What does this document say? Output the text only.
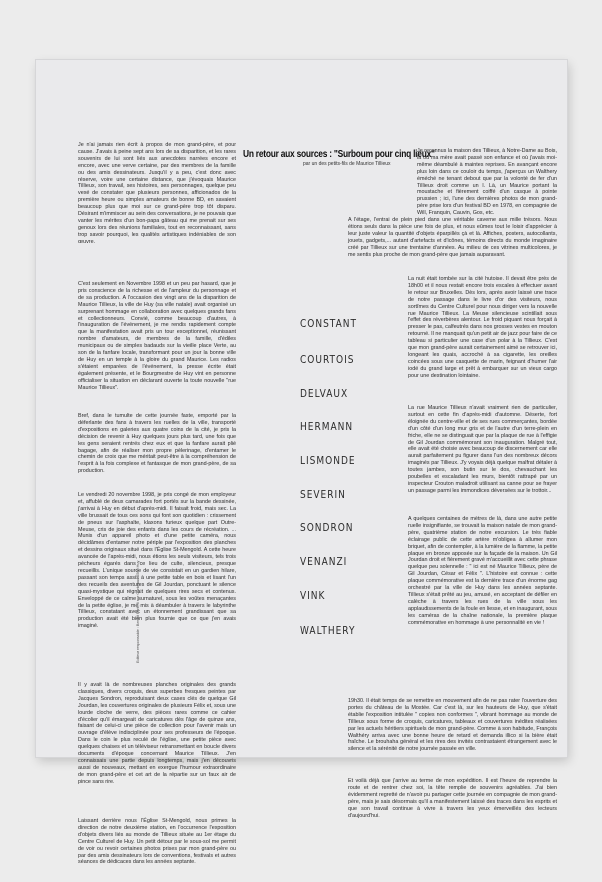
Je n'ai jamais rien écrit à propos de mon grand-père, et pour cause. J'avais à peine sept ans lors de sa disparition, et les rares souvenirs de lui sont liés aux anecdotes narrées encore et encore, avec une verve certaine, par des membres de la famille ou des amis dessinateurs. Jusqu'il y a peu, c'est donc avec réserve, voire une certaine distance, que j'évoquais Maurice Tillieux, son travail, ses histoires, ses personnages, quelque peu vexé de constater que plusieurs personnes, afficionados de la première heure ou simples amateurs de bonne BD, en savaient beaucoup plus que moi sur ce grand-père trop tôt disparu. Désirant m'immiscer au sein des conversations, je ne pouvais que vanter les mérites d'un bon-papa gâteau qui me prenait sur ses genoux lors des réunions familiales, tout en reconnaissant, sans trop savoir pourquoi, les qualités artistiques indéniables de son œuvre.

C'est seulement en Novembre 1998 et un peu par hasard, que je pris conscience de la richesse et de l'ampleur du personnage et de sa production. A l'occasion des vingt ans de la disparition de Maurice Tillieux, la ville de Huy (sa ville natale) avait organisé un surprenant hommage en collaboration avec quelques grands fans et collectionneurs. Convié, comme beaucoup d'autres, à l'inauguration de l'événement, je me rendis rapidement compte que la manifestation avait pris un tour exceptionnel, réunissant nombre d'amateurs, de membres de la famille, d'édiles municipaux ou de simples badauds sur la vieille place Verte, au son de la fanfare locale, transformant pour un jour la bonne ville de Huy en un temple à la gloire du grand Maurice. Les radios s'étaient emparées de l'événement, la presse écrite était également présente, et le Bourgmestre de Huy vint en personne officialiser la situation en déclarant ouverte la toute nouvelle "rue Maurice Tillieux".

Bref, dans le tumulte de cette journée faste, emporté par la déferlante des fans à travers les ruelles de la ville, transporté d'expositions en galeries aux quatre coins de la cité, je pris la décision de revenir à Huy quelques jours plus tard, une fois que les gens seraient rentrés chez eux et que la fanfare aurait plié bagage, afin de réaliser mon propre pèlerinage, d'entamer le chemin de croix que me méritait peut-être à la compréhension de l'esprit à la fois complexe et fantasque de mon grand-père, de sa production.

Le vendredi 20 novembre 1998, je pris congé de mon employeur et, affublé de deux camarades fort portés sur la bande dessinée, j'arrivai à Huy en début d'après-midi. Il faisait froid, mais sec. La ville brussait de tous ces sons qui font son quotidien : crissement de pneus sur l'asphalte, klaxons furieux quelque part Outre-Meuse, cris de joie des enfants dans les cours de récréation. ... Munis d'un appareil photo et d'une petite caméra, nous décidâmes d'entamer notre périple par l'exposition des planches et dessins originaux situé dans l'Église St-Mengold. A cette heure avancée de l'après-midi, nous étions les seuls visiteurs, tels trois pécheurs égarés dans ce lieu de culte, silencieux, presque recueillis. L'unique source de vie consistait en un gardien hilare, passant son temps assis à une petite table en bois et lisant l'un des recueils des aventures de Gil Jourdan, ponctuant le silence quasi-mystique qui régnait de quelques rires secs et contenus. Enveloppé de ce calme surnaturel, sous les voûtes menaçantes de la petite église, je me mis à déambuler à travers le labyrinthe Tillieux, constatant avec un étonnement grandissant que sa production avait été bien plus fournie que ce que j'en avais imaginé.

Il y avait là de nombreuses planches originales des grands classiques, divers croquis, deux superbes fresques peintes par Jacques Sondron, reproduisant deux cases clés de quelque Gil Jourdan, les couvertures originales de plusieurs Félix et, sous une lourde cloche de verre, des pièces rares comme ce cahier d'écolier qu'il émargeait de caricatures dès l'âge de quinze ans, faisant de celui-ci une pièce de collection pour l'avenir mais un ouvrage d'élève indisciplinée pour ses professeurs de l'époque. Dans le coin le plus reculé de l'église, une petite pièce avec quelques chaises et un téléviseur retransmettant en boucle divers documents d'époque concernant Maurice Tillieux. J'en connaissais une partie depuis longtemps, mais j'en découvris aussi de nouveaux, mettant en exergue l'humour extraordinaire de mon grand-père et cet art de la répartie sur un faux air de pince sans rire.

Laissant derrière nous l'Église St-Mengold, nous primes la direction de notre deuxième station, en l'occurrence l'exposition d'objets divers liés au monde de Tillieux située au 1er étage du Centre Culturel de Huy. Un petit détour par le sous-sol me permit de voir ou revoir certaines photos prises par mon grand-père ou par des amis dessinateurs lors de conventions, festivals et autres séances de dédicaces dans les années septante.

Un retour aux sources : "Surboum pour cinq lieux"
par un des petits-fils de Maurice Tillieux
CONSTANT
COURTOIS
DELVAUX
HERMANN
LISMONDE
SEVERIN
SONDRON
VENANZI
VINK
WALTHERY

Je reconnus la maison des Tillieux, à Notre-Dame au Bois, là où ma mère avait passé son enfance et où j'avais moi-même déambulé à maintes reprises. En avançant encore plus loin dans ce couloir du temps, j'aperçus un Walthery éméché ne tenant debout que par la volonté de fer d'un Tillieux droit comme un I. Là, un Maurice portant la moustache et fièrement coiffé d'un casque à pointe prussien ; ici, l'une des dernières photos de mon grand-père prise lors d'un festival BD en 1978, en compagnie de Will, Franquin, Cauvin, Gos, etc.

A l'étage, l'entrai de plein pied dans une véritable caverne aux mille trésors. Nous étions seuls dans la pièce une fois de plus, et nous eûmes tout le loisir d'apprécier à leur juste valeur la quantité d'objets éparpillés çà et là. Affiches, posters, autocollants, jouets, gadgets,... autant d'artefacts et d'icônes, témoins directs du monde imaginaire créé par Tillieux sur une trentaine d'années. Au milieu de ces vitrines multicolores, je me sentis plus proche de mon grand-père que jamais auparavant.

La nuit était tombée sur la cité hutoise. Il devait être près de 18h00 et il nous restait encore trois escales à effectuer avant le retour sur Bruxelles. Dès lors, après avoir laissé une trace de notre passage dans le livre d'or des visiteurs, nous sortîmes du Centre Culturel pour nous diriger vers la nouvelle rue Maurice Tillieux. La Meuse silencieuse scintillait sous l'effet des réverbères alentour. Le froid piquant nous forçait à presser le pas, calfeutrés dans nos grosses vestes en mouton retourné. Il ne manquait qu'un petit air de jazz pour faire de ce tableau si particulier une case d'un polar à la Tillieux. C'est que mon grand-père aurait certainement aimé se retrouver ici, longeant les quais, accroché à sa cigarette, les oreilles coincées sous une casquette de marin, feignant d'humer l'air iodé du grand large et prêt à embarquer sur un vieux cargo pour une destination lointaine.

La rue Maurice Tillieux n'avait vraiment rien de particulier, surtout en cette fin d'après-midi d'automne. Déserte, fort éloignée du centre-ville et de ses rues commerçantes, bordée d'un côté d'un long mur gris et de l'autre d'un terre-plein en friche, elle ne se distinguait que par la plaque de rue à l'effigie de Gil Jourdan commémorant son inauguration. Malgré tout, elle avait été choisie avec beaucoup de discernement car elle aurait parfaitement pu figurer dans l'un des nombreux décors imaginés par Tillieux. J'y voyais déjà quelque malfrat détaler à toutes jambes, son butin sur le dos, chevauchant les poubelles et escaladant les murs, bientôt rattrapé par un inspecteur Crouton maladroit utilisant sa canne pour se frayer un passage parmi les immondices déversées sur le trottoir...

A quelques centaines de mètres de là, dans une autre petite ruelle insignifiante, se trouvait la maison natale de mon grand-père, quatrième station de notre excursion. Le très fiable éclairage public de cette artère m'obligea à allumer mon briquet, afin de contempler, à la lumière de la flamme, la petite plaque en bronze apposée sur la façade de la maison. Un Gil Jourdan droit et fièrement gravé m'accueillit avec cette phrase quelque peu solennelle : " ici est né Maurice Tillieux, père de Gil Jourdan, César et Félix ". L'histoire est connue : cette plaque commémorative est la dernière trace d'un énorme gag orchestré par la ville de Huy dans les années septante. Tillieux s'était prêté au jeu, amusé, en acceptant de défiler en calèche à travers les rues de la ville sous les applaudissements de la foule en liesse, et en inaugurant, sous les caméras de la chaîne nationale, la première plaque commémorative en hommage à une personnalité en vie !

19h30. Il était temps de se remettre en mouvement afin de ne pas rater l'ouverture des portes du château de la Mostée. Car c'est là, sur les hauteurs de Huy, que s'était établie l'exposition intitulée " copies non conformes ", vibrant hommage au monde de Tillieux sous forme de croquis, caricatures, tableaux et couvertures inédites réalisées par les actuels héritiers spirituels de mon grand-père. Comme à son habitude, François Walthéry arriva avec une bonne heure de retard et demanda illico si la bière était fraîche. Le brouhaha général et les rires des invités contrastaient étrangement avec le silence et la sérénité de notre journée passée en ville.

Et voilà déjà que j'arrive au terme de mon expédition. Il est l'heure de reprendre la route et de rentrer chez soi, la tête remplie de souvenirs agréables. J'ai bien évidemment regretté de n'avoir pu partager cette journée en compagnie de mon grand-père, mais je sais désormais qu'il a manifestement laissé des traces dans les esprits et que son travail continue à vivre à travers les yeux émerveillés des lecteurs d'aujourd'hui.

Editeur responsable : Benoît Fhrit, 8 rue Gorbeaux 4500 Huy
